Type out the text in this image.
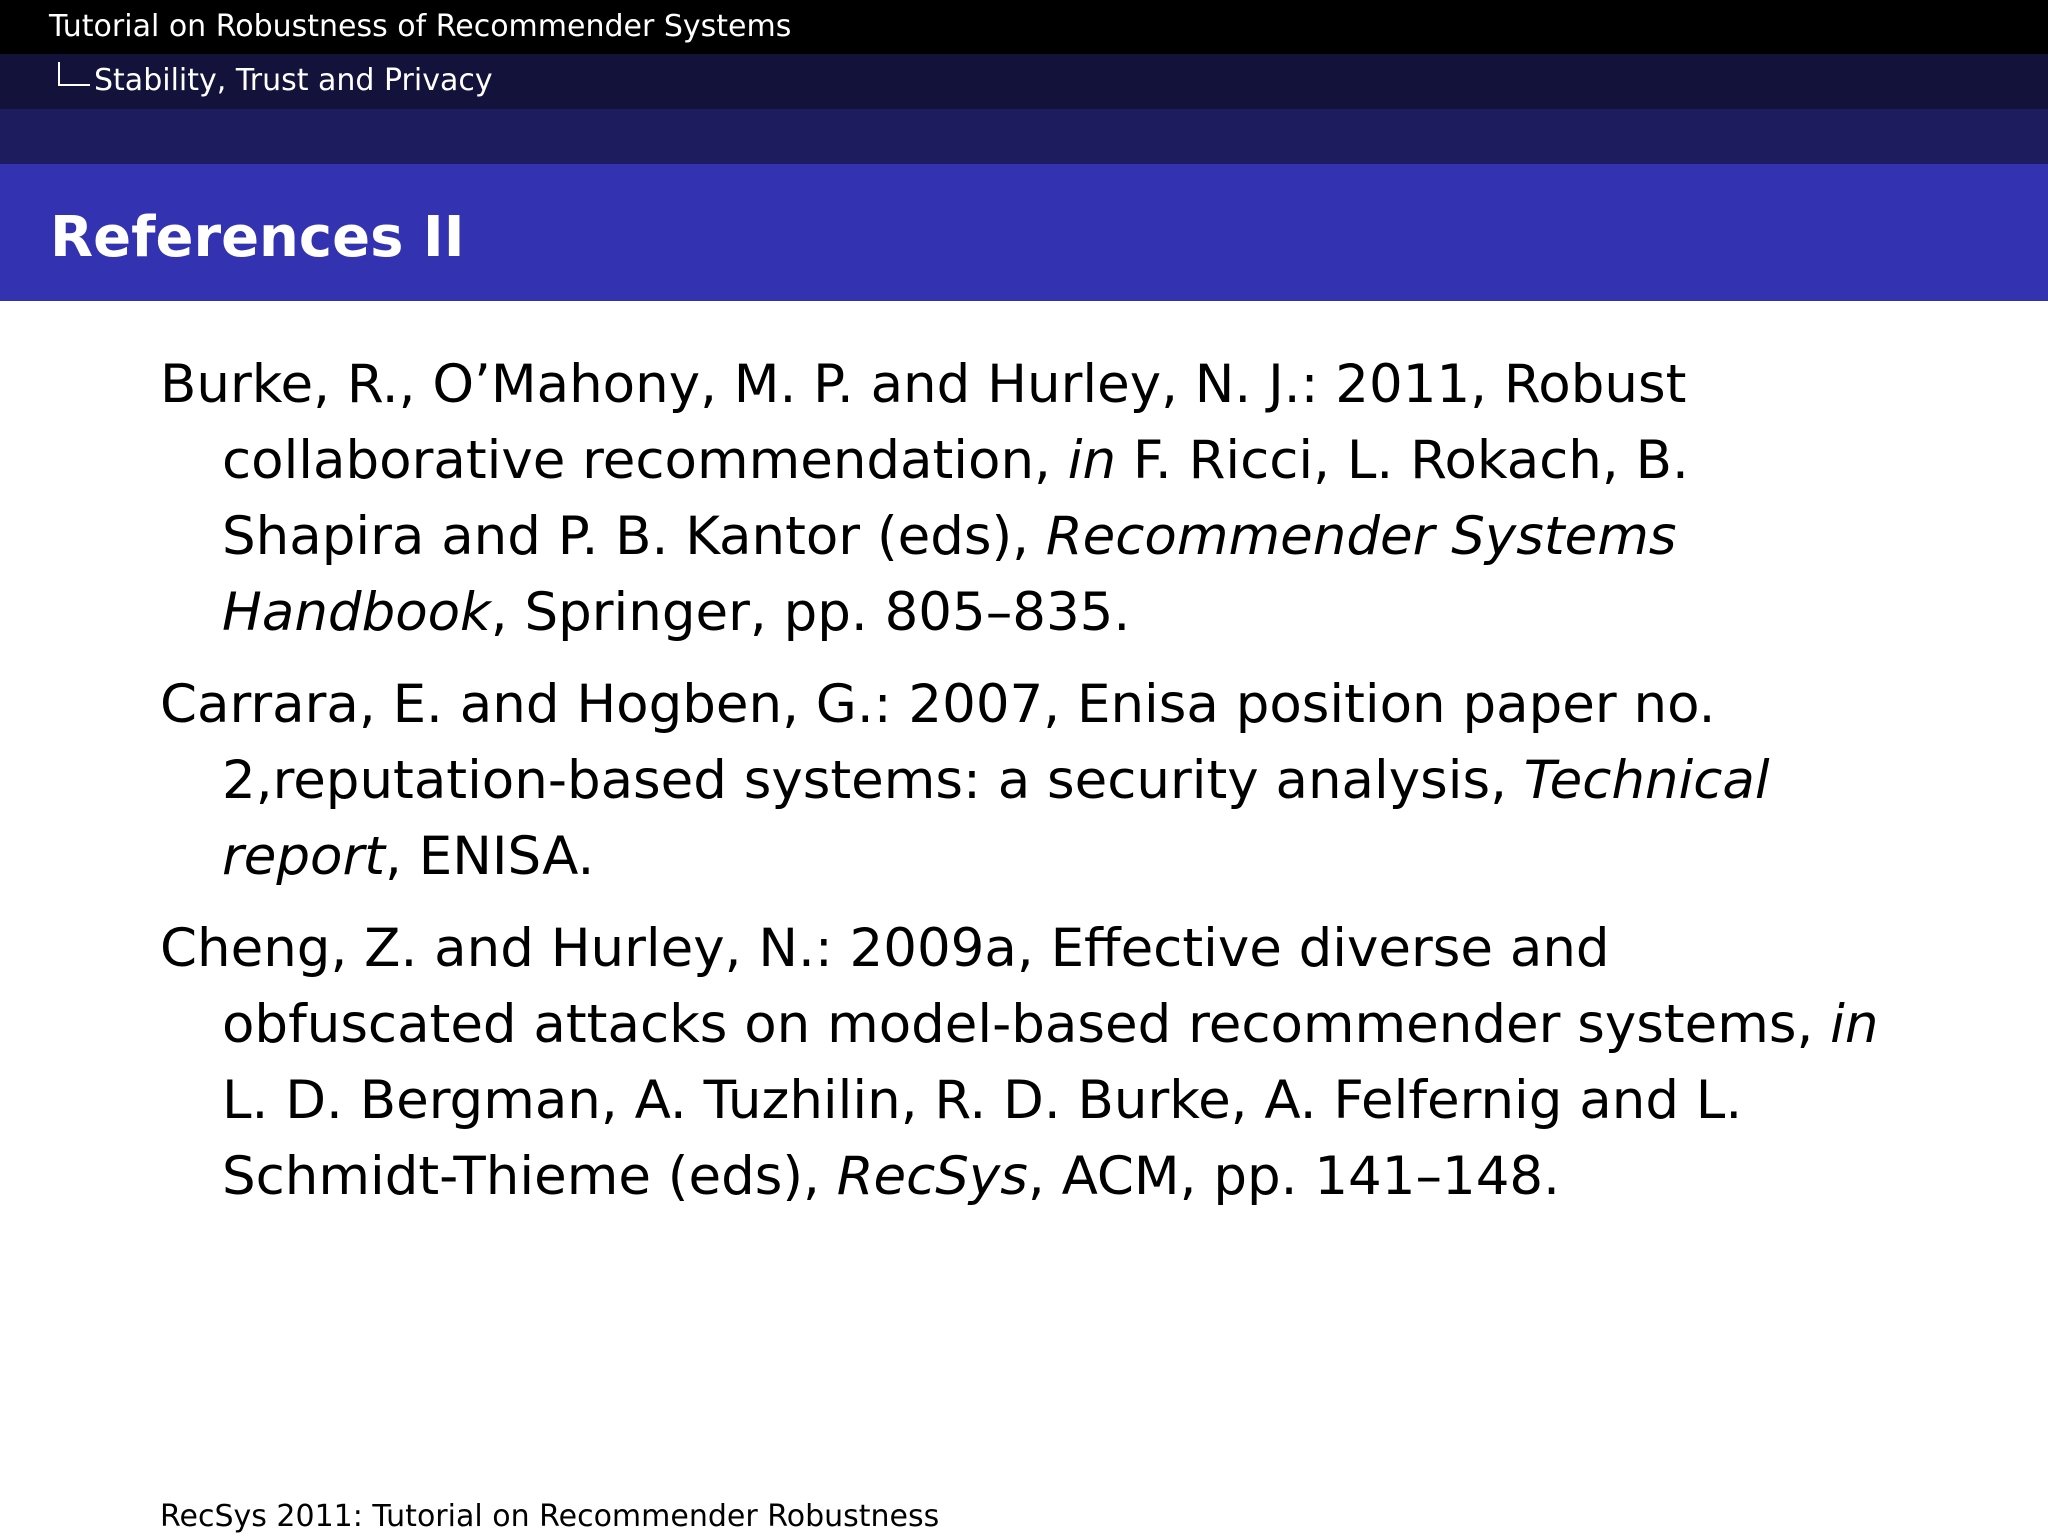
Tutorial on Robustness of Recommender Systems
Stability, Trust and Privacy
References II
Burke, R., O’Mahony, M. P. and Hurley, N. J.: 2011, Robust collaborative recommendation, in F. Ricci, L. Rokach, B. Shapira and P. B. Kantor (eds), Recommender Systems Handbook, Springer, pp. 805–835.
Carrara, E. and Hogben, G.: 2007, Enisa position paper no. 2,reputation-based systems: a security analysis, Technical report, ENISA.
Cheng, Z. and Hurley, N.: 2009a, Effective diverse and obfuscated attacks on model-based recommender systems, in L. D. Bergman, A. Tuzhilin, R. D. Burke, A. Felfernig and L. Schmidt-Thieme (eds), RecSys, ACM, pp. 141–148.
RecSys 2011: Tutorial on Recommender Robustness
